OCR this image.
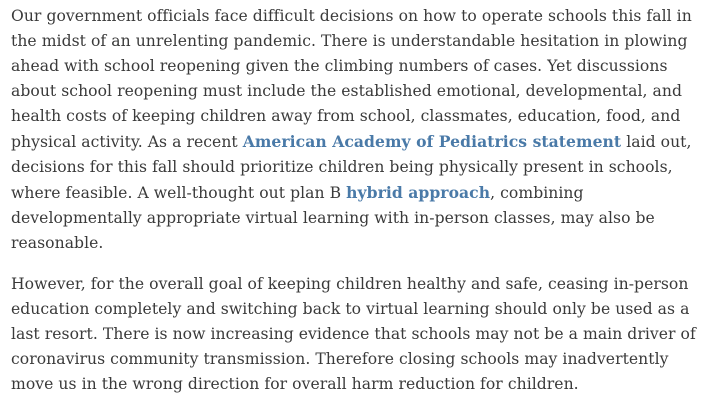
Our government officials face difficult decisions on how to operate schools this fall in the midst of an unrelenting pandemic. There is understandable hesitation in plowing ahead with school reopening given the climbing numbers of cases. Yet discussions about school reopening must include the established emotional, developmental, and health costs of keeping children away from school, classmates, education, food, and physical activity. As a recent American Academy of Pediatrics statement laid out, decisions for this fall should prioritize children being physically present in schools, where feasible. A well-thought out plan B hybrid approach, combining developmentally appropriate virtual learning with in-person classes, may also be reasonable.

However, for the overall goal of keeping children healthy and safe, ceasing in-person education completely and switching back to virtual learning should only be used as a last resort. There is now increasing evidence that schools may not be a main driver of coronavirus community transmission. Therefore closing schools may inadvertently move us in the wrong direction for overall harm reduction for children.
